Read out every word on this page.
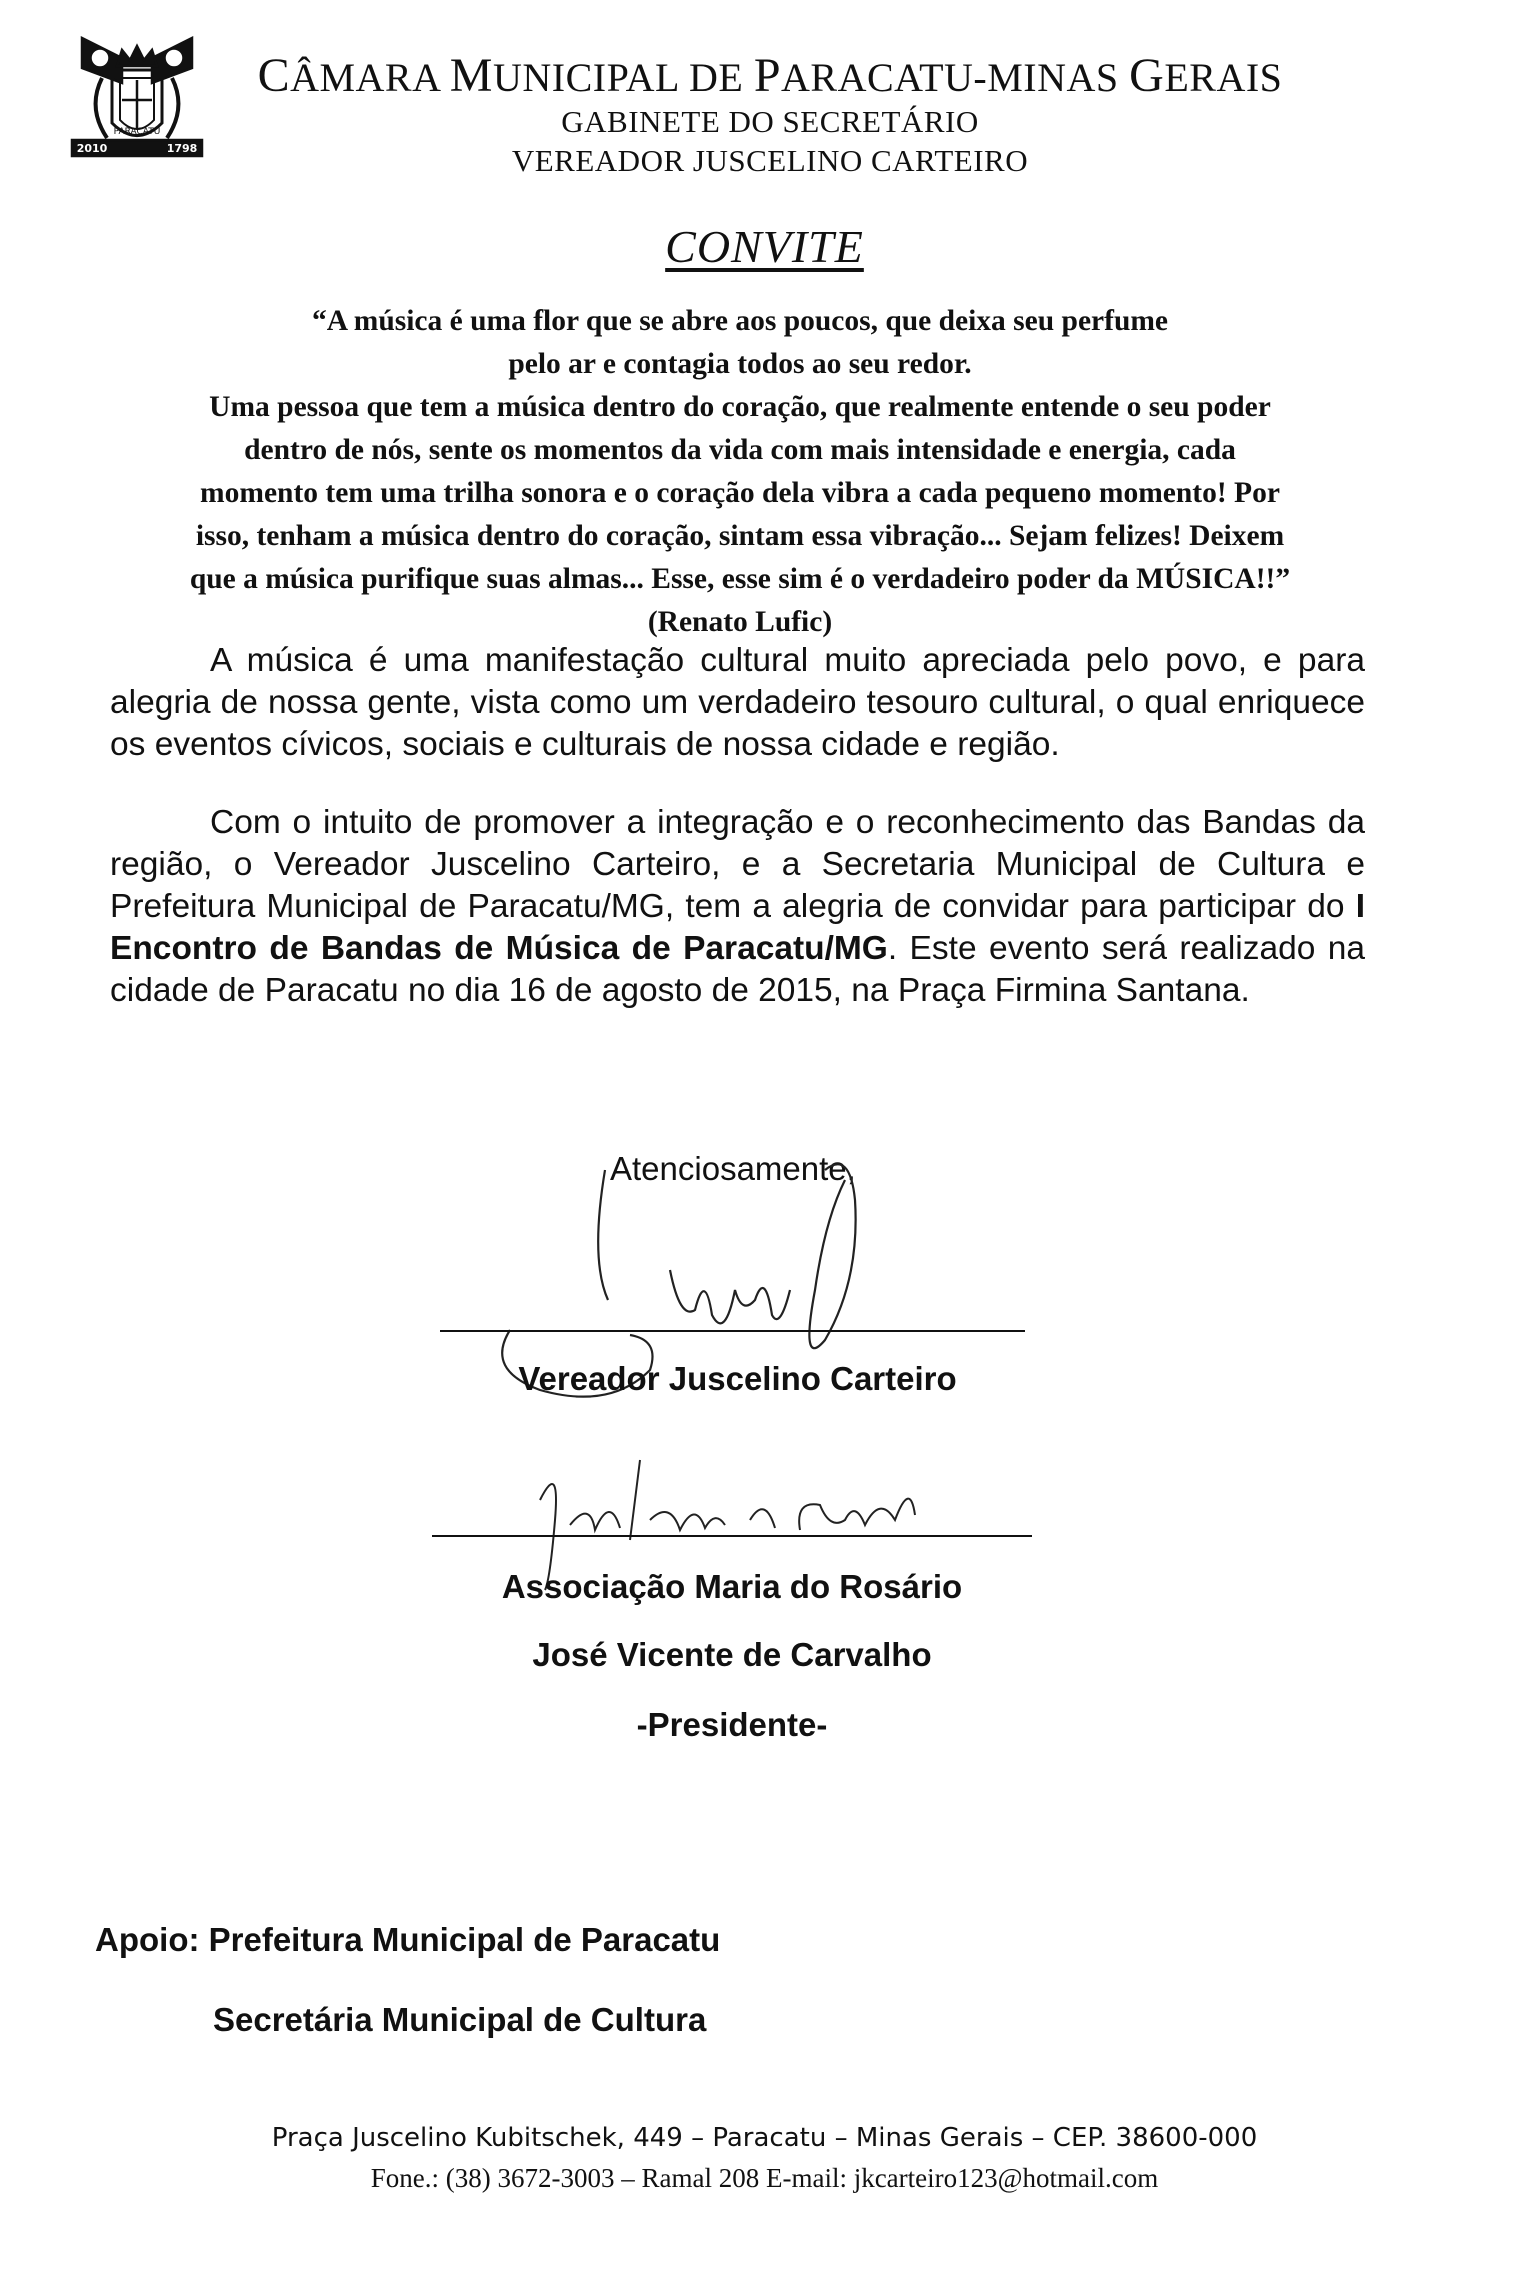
PARACATU
2010	1798
CÂMARA MUNICIPAL DE PARACATU-MINAS GERAIS
GABINETE DO SECRETÁRIO
VEREADOR JUSCELINO CARTEIRO
CONVITE

“A música é uma flor que se abre aos poucos, que deixa seu perfume

pelo ar e contagia todos ao seu redor.

Uma pessoa que tem a música dentro do coração, que realmente entende o seu poder

dentro de nós, sente os momentos da vida com mais intensidade e energia, cada

momento tem uma trilha sonora e o coração dela vibra a cada pequeno momento! Por

isso, tenham a música dentro do coração, sintam essa vibração... Sejam felizes! Deixem

que a música purifique suas almas... Esse, esse sim é o verdadeiro poder da MÚSICA!!”

(Renato Lufic)

A música é uma manifestação cultural muito apreciada pelo povo, e para alegria de nossa gente, vista como um verdadeiro tesouro cultural, o qual enriquece os eventos cívicos, sociais e culturais de nossa cidade e região.

Com o intuito de promover a integração e o reconhecimento das Bandas da região, o Vereador Juscelino Carteiro, e a Secretaria Municipal de Cultura e Prefeitura Municipal de Paracatu/MG, tem a alegria de convidar para participar do I Encontro de Bandas de Música de Paracatu/MG. Este evento será realizado na cidade de Paracatu no dia 16 de agosto de 2015, na Praça Firmina Santana.

Atenciosamente,
Vereador Juscelino Carteiro
Associação Maria do Rosário
José Vicente de Carvalho
-Presidente-
Apoio: Prefeitura Municipal de Paracatu
Secretária Municipal de Cultura
Praça Juscelino Kubitschek, 449 – Paracatu – Minas Gerais – CEP. 38600-000
Fone.: (38) 3672-3003 – Ramal 208 E-mail: jkcarteiro123@hotmail.com
